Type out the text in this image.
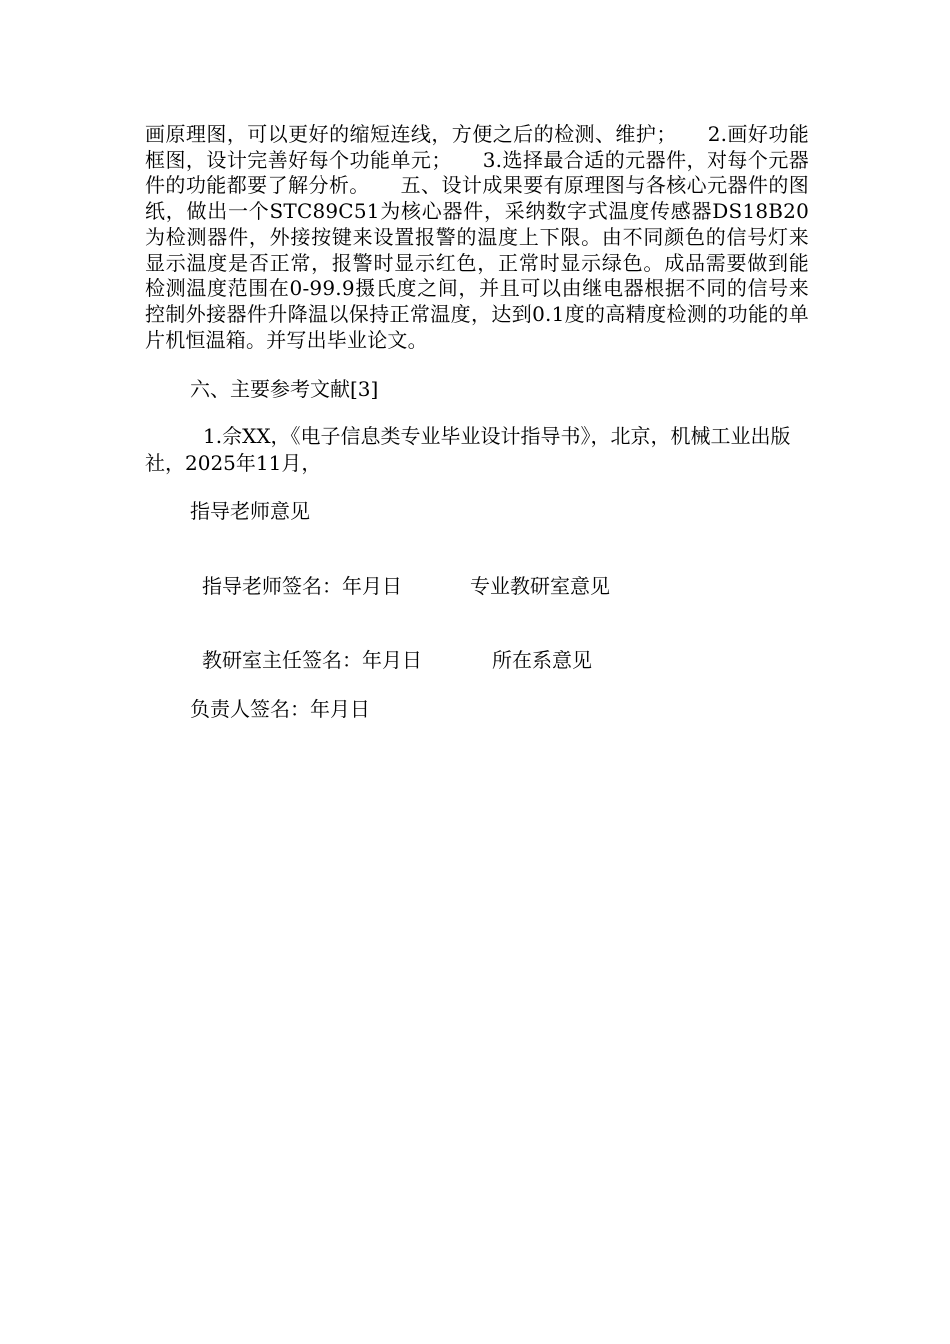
画原理图，可以更好的缩短连线，方便之后的检测、维护；　　2.画好功能框图，设计完善好每个功能单元；　　3.选择最合适的元器件，对每个元器件的功能都要了解分析。　　五、设计成果要有原理图与各核心元器件的图纸，做出一个STC89C51为核心器件，采纳数字式温度传感器DS18B20为检测器件，外接按键来设置报警的温度上下限。由不同颜色的信号灯来显示温度是否正常，报警时显示红色，正常时显示绿色。成品需要做到能检测温度范围在0-99.9摄氏度之间，并且可以由继电器根据不同的信号来控制外接器件升降温以保持正常温度，达到0.1度的高精度检测的功能的单片机恒温箱。并写出毕业论文。

六、主要参考文献[3]

1.佘XX，《电子信息类专业毕业设计指导书》，北京，机械工业出版社，2025年11月，

指导老师意见

指导老师签名：年月日	专业教研室意见

教研室主任签名：年月日	所在系意见

负责人签名：年月日
